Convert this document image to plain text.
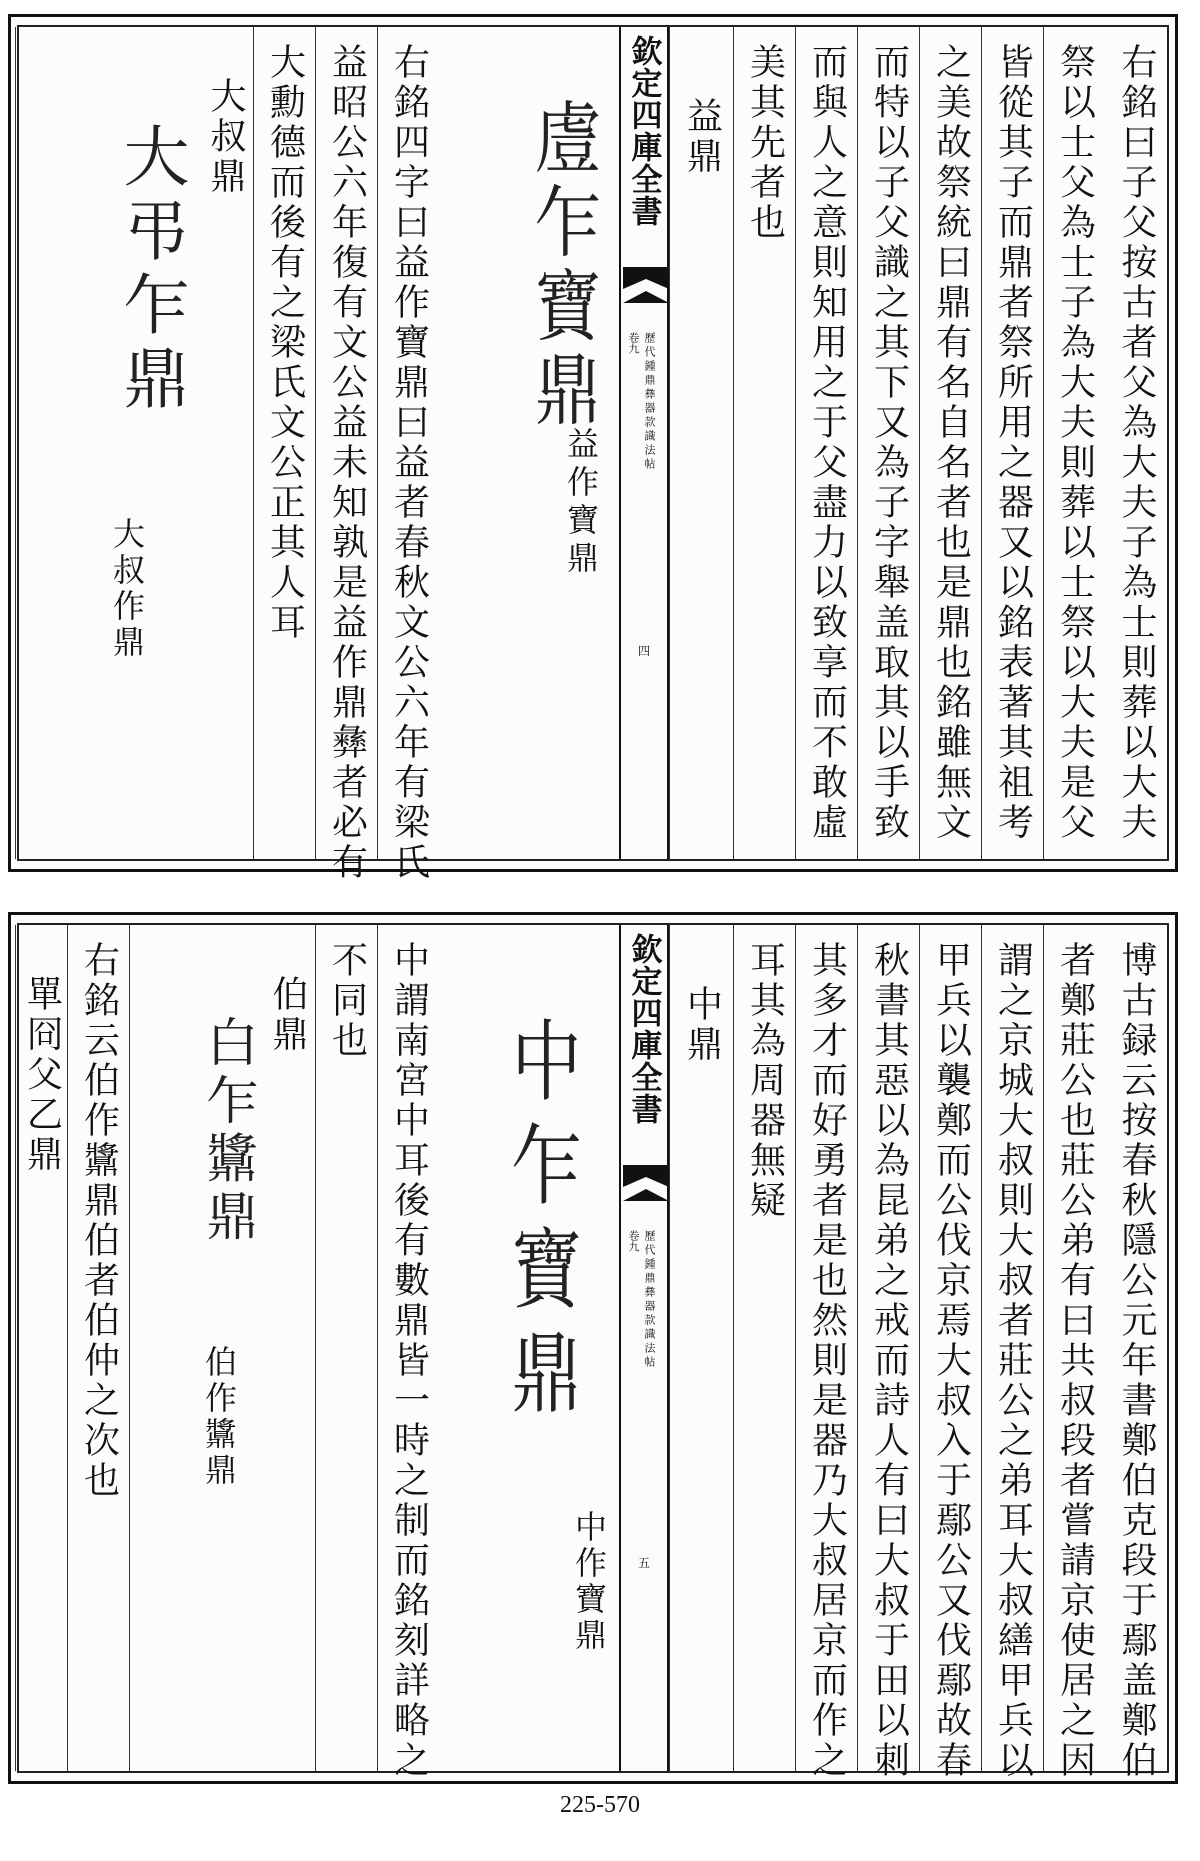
右銘曰子父按古者父為大夫子為士則葬以大夫
祭以士父為士子為大夫則葬以士祭以大夫是父
皆從其子而鼎者祭所用之器又以銘表著其祖考
之美故祭統曰鼎有名自名者也是鼎也銘雖無文
而特以子父識之其下又為子字舉盖取其以手致
而與人之意則知用之于父盡力以致享而不敢虛
美其先者也
益鼎
欽定四庫全書
歷代鍾鼎彝器款識法帖
卷九
四
䖒乍寶鼎
益作寶鼎
右銘四字曰益作寶鼎曰益者春秋文公六年有梁氏
益昭公六年復有文公益未知孰是益作鼎彝者必有
大勳德而後有之梁氏文公正其人耳
大叔鼎
大弔乍鼎
大叔作鼎
博古録云按春秋隱公元年書鄭伯克段于鄢盖鄭伯
者鄭莊公也莊公弟有曰共叔段者嘗請京使居之因
謂之京城大叔則大叔者莊公之弟耳大叔繕甲兵以
甲兵以襲鄭而公伐京焉大叔入于鄢公又伐鄢故春
秋書其惡以為昆弟之戒而詩人有曰大叔于田以刺
其多才而好勇者是也然則是器乃大叔居京而作之
耳其為周器無疑
中鼎
欽定四庫全書
歷代鍾鼎彝器款識法帖
卷九
五
中乍寶鼎
中作寶鼎
中謂南宮中耳後有數鼎皆一時之制而銘刻詳略之
不同也
伯鼎
白乍䵼鼎
伯作䵼鼎
右銘云伯作䵼鼎伯者伯仲之次也
單冏父乙鼎
225-570
